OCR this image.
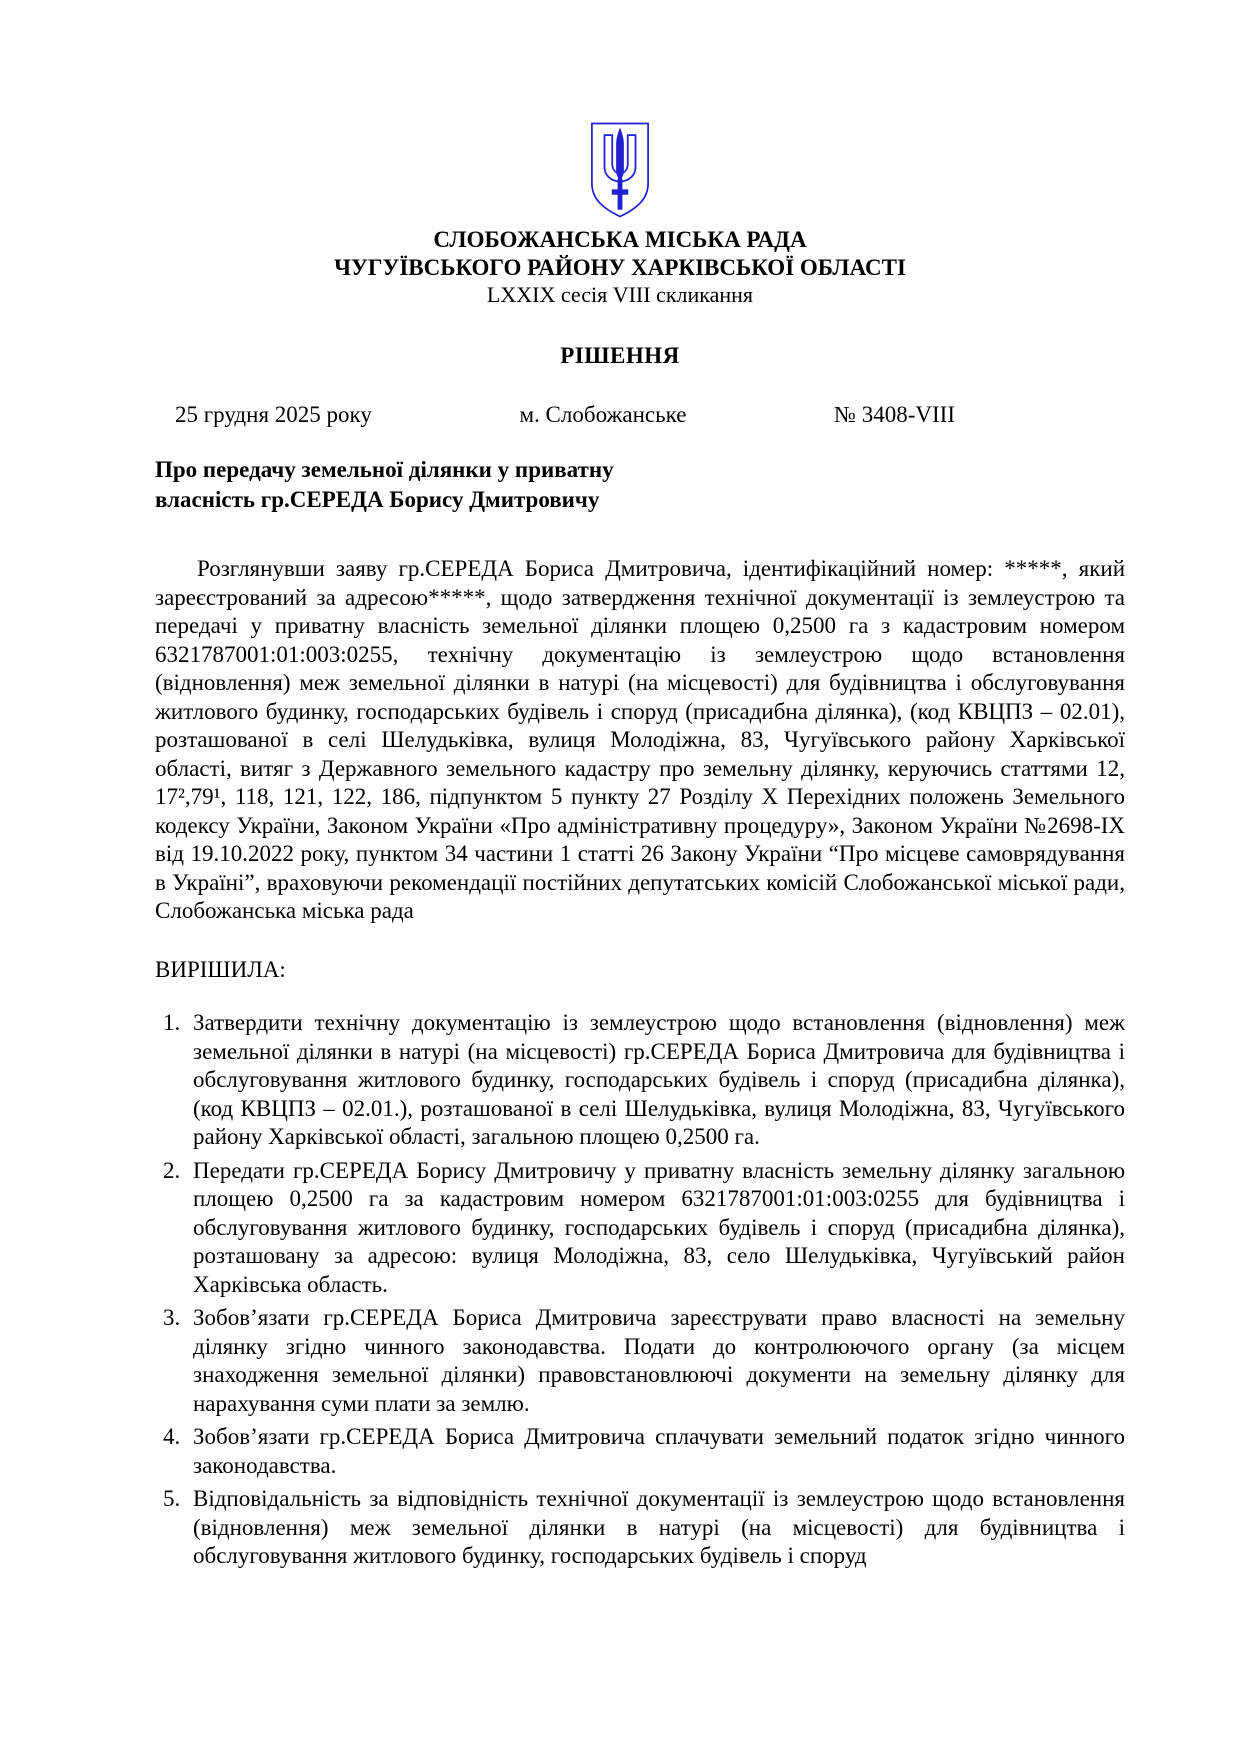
СЛОБОЖАНСЬКА МІСЬКА РАДА
ЧУГУЇВСЬКОГО РАЙОНУ ХАРКІВСЬКОЇ ОБЛАСТІ
LXXIX сесія VIII скликання
РІШЕННЯ
25 грудня 2025 року	м. Слобожанське	№ 3408-VIII
Про передачу земельної ділянки у приватну
власність гр.СЕРЕДА Борису Дмитровичу

Розглянувши заяву гр.СЕРЕДА Бориса Дмитровича, ідентифікаційний номер: *****, який зареєстрований за адресою*****, щодо затвердження технічної документації із землеустрою та передачі у приватну власність земельної ділянки площею 0,2500 га з кадастровим номером 6321787001:01:003:0255, технічну документацію із землеустрою щодо встановлення (відновлення) меж земельної ділянки в натурі (на місцевості) для будівництва і обслуговування житлового будинку, господарських будівель і споруд (присадибна ділянка), (код КВЦПЗ – 02.01), розташованої в селі Шелудьківка, вулиця Молодіжна, 83, Чугуївського району Харківської області, витяг з Державного земельного кадастру про земельну ділянку, керуючись статтями 12, 17²,79¹, 118, 121, 122, 186, підпунктом 5 пункту 27 Розділу X Перехідних положень Земельного кодексу України, Законом України «Про адміністративну процедуру», Законом України №2698-IX від 19.10.2022 року, пунктом 34 частини 1 статті 26 Закону України “Про місцеве самоврядування в Україні”, враховуючи рекомендації постійних депутатських комісій Слобожанської міської ради, Слобожанська міська рада

ВИРІШИЛА:
1. Затвердити технічну документацію із землеустрою щодо встановлення (відновлення) меж земельної ділянки в натурі (на місцевості) гр.СЕРЕДА Бориса Дмитровича для будівництва і обслуговування житлового будинку, господарських будівель і споруд (присадибна ділянка), (код КВЦПЗ – 02.01.), розташованої в селі Шелудьківка, вулиця Молодіжна, 83, Чугуївського району Харківської області, загальною площею 0,2500 га.
2. Передати гр.СЕРЕДА Борису Дмитровичу у приватну власність земельну ділянку загальною площею 0,2500 га за кадастровим номером 6321787001:01:003:0255 для будівництва і обслуговування житлового будинку, господарських будівель і споруд (присадибна ділянка), розташовану за адресою: вулиця Молодіжна, 83, село Шелудьківка, Чугуївський район Харківська область.
3. Зобов’язати гр.СЕРЕДА Бориса Дмитровича зареєструвати право власності на земельну ділянку згідно чинного законодавства. Подати до контролюючого органу (за місцем знаходження земельної ділянки) правовстановлюючі документи на земельну ділянку для нарахування суми плати за землю.
4. Зобов’язати гр.СЕРЕДА Бориса Дмитровича сплачувати земельний податок згідно чинного законодавства.
5. Відповідальність за відповідність технічної документації із землеустрою щодо встановлення (відновлення) меж земельної ділянки в натурі (на місцевості) для будівництва і обслуговування житлового будинку, господарських будівель і споруд
